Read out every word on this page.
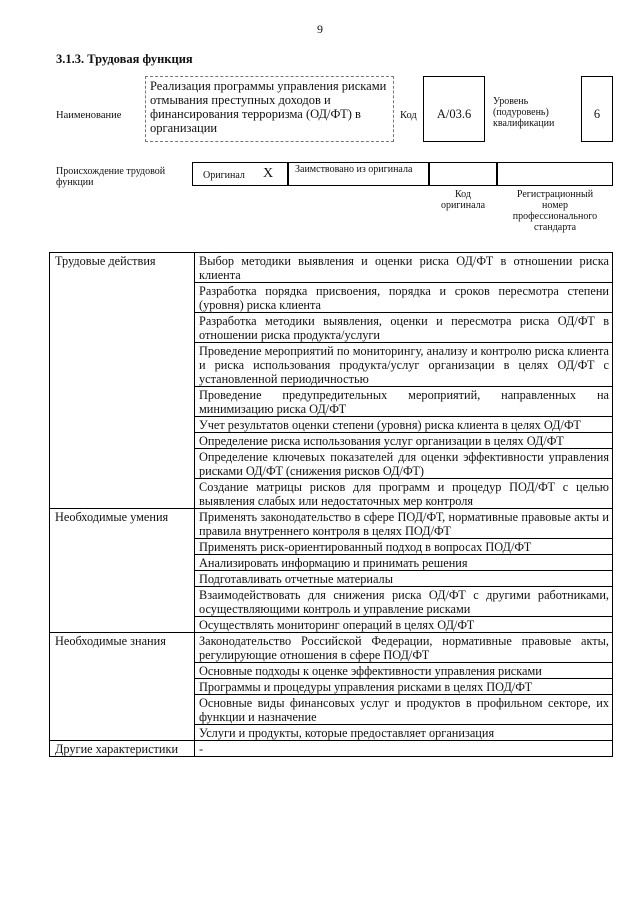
9
3.1.3. Трудовая функция
Наименование
Реализация программы управления рисками отмывания преступных доходов и финансирования терроризма (ОД/ФТ) в организации
Код	А/03.6
Уровень (подуровень) квалификации
6
Происхождение трудовой функции
Оригинал X Заимствовано из оригинала
Код оригинала
Регистрационный номер профессионального стандарта
Трудовые действия	Выбор методики выявления и оценки риска ОД/ФТ в отношении риска клиента
	Разработка порядка присвоения, порядка и сроков пересмотра степени (уровня) риска клиента
	Разработка методики выявления, оценки и пересмотра риска ОД/ФТ в отношении риска продукта/услуги
	Проведение мероприятий по мониторингу, анализу и контролю риска клиента и риска использования продукта/услуг организации в целях ОД/ФТ с установленной периодичностью
	Проведение предупредительных мероприятий, направленных на минимизацию риска ОД/ФТ
	Учет результатов оценки степени (уровня) риска клиента в целях ОД/ФТ
	Определение риска использования услуг организации в целях ОД/ФТ
	Определение ключевых показателей для оценки эффективности управления рисками ОД/ФТ (снижения рисков ОД/ФТ)
	Создание матрицы рисков для программ и процедур ПОД/ФТ с целью выявления слабых или недостаточных мер контроля
Необходимые умения	Применять законодательство в сфере ПОД/ФТ, нормативные правовые акты и правила внутреннего контроля в целях ПОД/ФТ
	Применять риск-ориентированный подход в вопросах ПОД/ФТ
	Анализировать информацию и принимать решения
	Подготавливать отчетные материалы
	Взаимодействовать для снижения риска ОД/ФТ с другими работниками, осуществляющими контроль и управление рисками
	Осуществлять мониторинг операций в целях ОД/ФТ
Необходимые знания	Законодательство Российской Федерации, нормативные правовые акты, регулирующие отношения в сфере ПОД/ФТ
	Основные подходы к оценке эффективности управления рисками
	Программы и процедуры управления рисками в целях ПОД/ФТ
	Основные виды финансовых услуг и продуктов в профильном секторе, их функции и назначение
	Услуги и продукты, которые предоставляет организация
Другие характеристики	-
